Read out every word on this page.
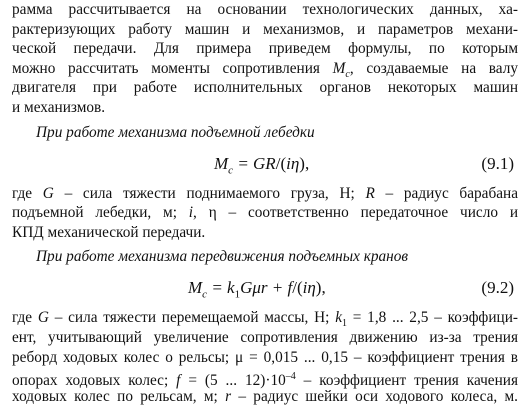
рамма рассчитывается на основании технологических данных, ха-
рактеризующих работу машин и механизмов, и параметров механи-
ческой передачи. Для примера приведем формулы, по которым
можно рассчитать моменты сопротивления $M_c$, создаваемые на валу
двигателя при работе исполнительных органов некоторых машин
и механизмов.
При работе механизма подъемной лебедки
$M_c = GR/(i\eta)$,	(9.1)
где G – сила тяжести поднимаемого груза, Н; R – радиус барабана
подъемной лебедки, м; i, η – соответственно передаточное число и
КПД механической передачи.
При работе механизма передвижения подъемных кранов
$M_c = k_1G\mu r + f/(i\eta)$,	(9.2)
где G – сила тяжести перемещаемой массы, Н; $k_1 = 1,8$ ... 2,5 – коэффици-
ент, учитывающий увеличение сопротивления движению из-за трения
реборд ходовых колес о рельсы; μ = 0,015 ... 0,15 – коэффициент трения в
опорах ходовых колес; f = (5 ... $12)\cdot 10^{-4}$ – коэффициент трения качения
ходовых колес по рельсам, м; r – радиус шейки оси ходового колеса, м.
